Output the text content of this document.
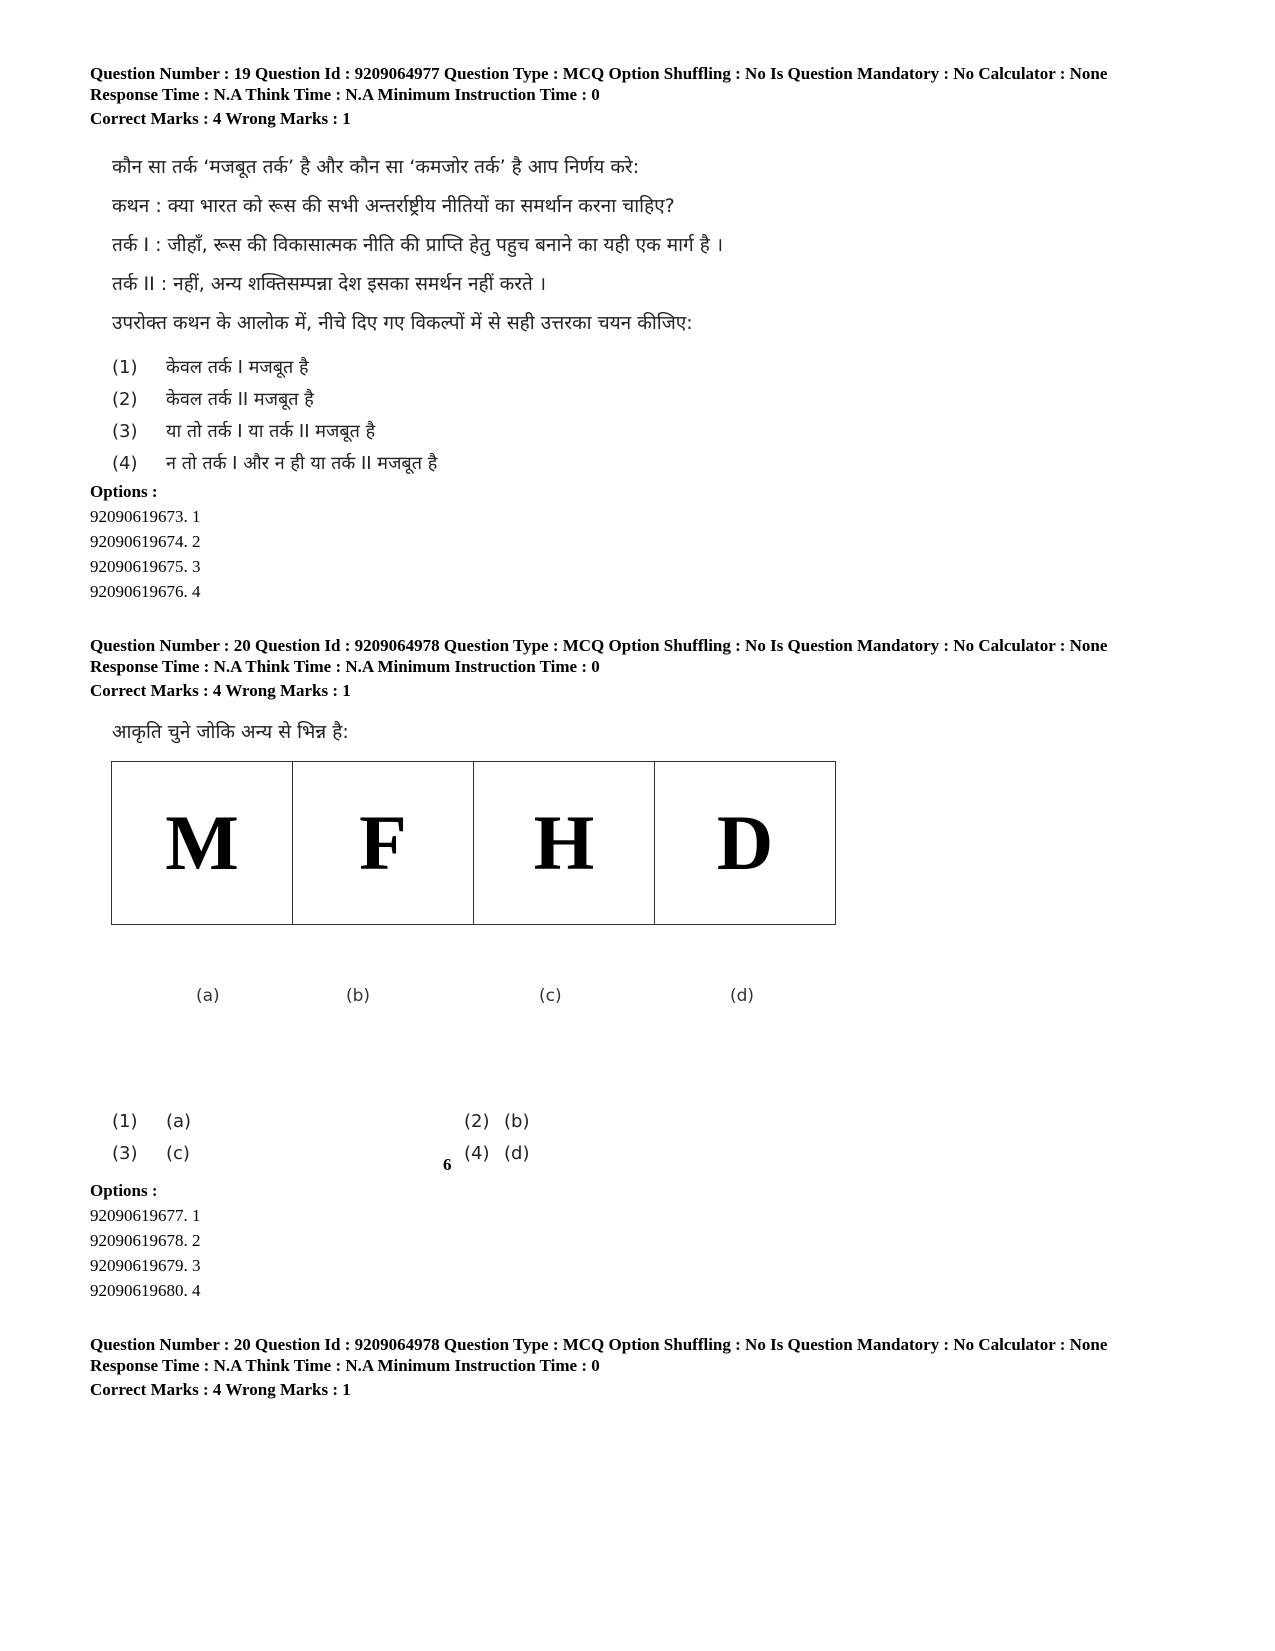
Question Number : 19 Question Id : 9209064977 Question Type : MCQ Option Shuffling : No Is Question Mandatory : No Calculator : None
Response Time : N.A Think Time : N.A Minimum Instruction Time : 0
Correct Marks : 4 Wrong Marks : 1
कौन सा तर्क ‘मजबूत तर्क’ है और कौन सा ‘कमजोर तर्क’ है आप निर्णय करे:
कथन : क्या भारत को रूस की सभी अन्तर्राष्ट्रीय नीतियों का समर्थान करना चाहिए?
तर्क I : जीहाँ, रूस की विकासात्मक नीति की प्राप्ति हेतु पहुच बनाने का यही एक मार्ग है ।
तर्क II : नहीं, अन्य शक्तिसम्पन्ना देश इसका समर्थन नहीं करते ।
उपरोक्त कथन के आलोक में, नीचे दिए गए विकल्पों में से सही उत्तरका चयन कीजिए:
(1) केवल तर्क I मजबूत है
(2) केवल तर्क II मजबूत है
(3) या तो तर्क I या तर्क II मजबूत है
(4) न तो तर्क I और न ही या तर्क II मजबूत है
Options :
92090619673. 1
92090619674. 2
92090619675. 3
92090619676. 4
Question Number : 20 Question Id : 9209064978 Question Type : MCQ Option Shuffling : No Is Question Mandatory : No Calculator : None
Response Time : N.A Think Time : N.A Minimum Instruction Time : 0
Correct Marks : 4 Wrong Marks : 1
आकृति चुने जोकि अन्य से भिन्न है:
M	F	H	D
(a)	(b)	(c)	(d)
(1) (a)	(2) (b)
(3) (c)	(4) (d)
6
Options :
92090619677. 1
92090619678. 2
92090619679. 3
92090619680. 4
Question Number : 20 Question Id : 9209064978 Question Type : MCQ Option Shuffling : No Is Question Mandatory : No Calculator : None
Response Time : N.A Think Time : N.A Minimum Instruction Time : 0
Correct Marks : 4 Wrong Marks : 1
